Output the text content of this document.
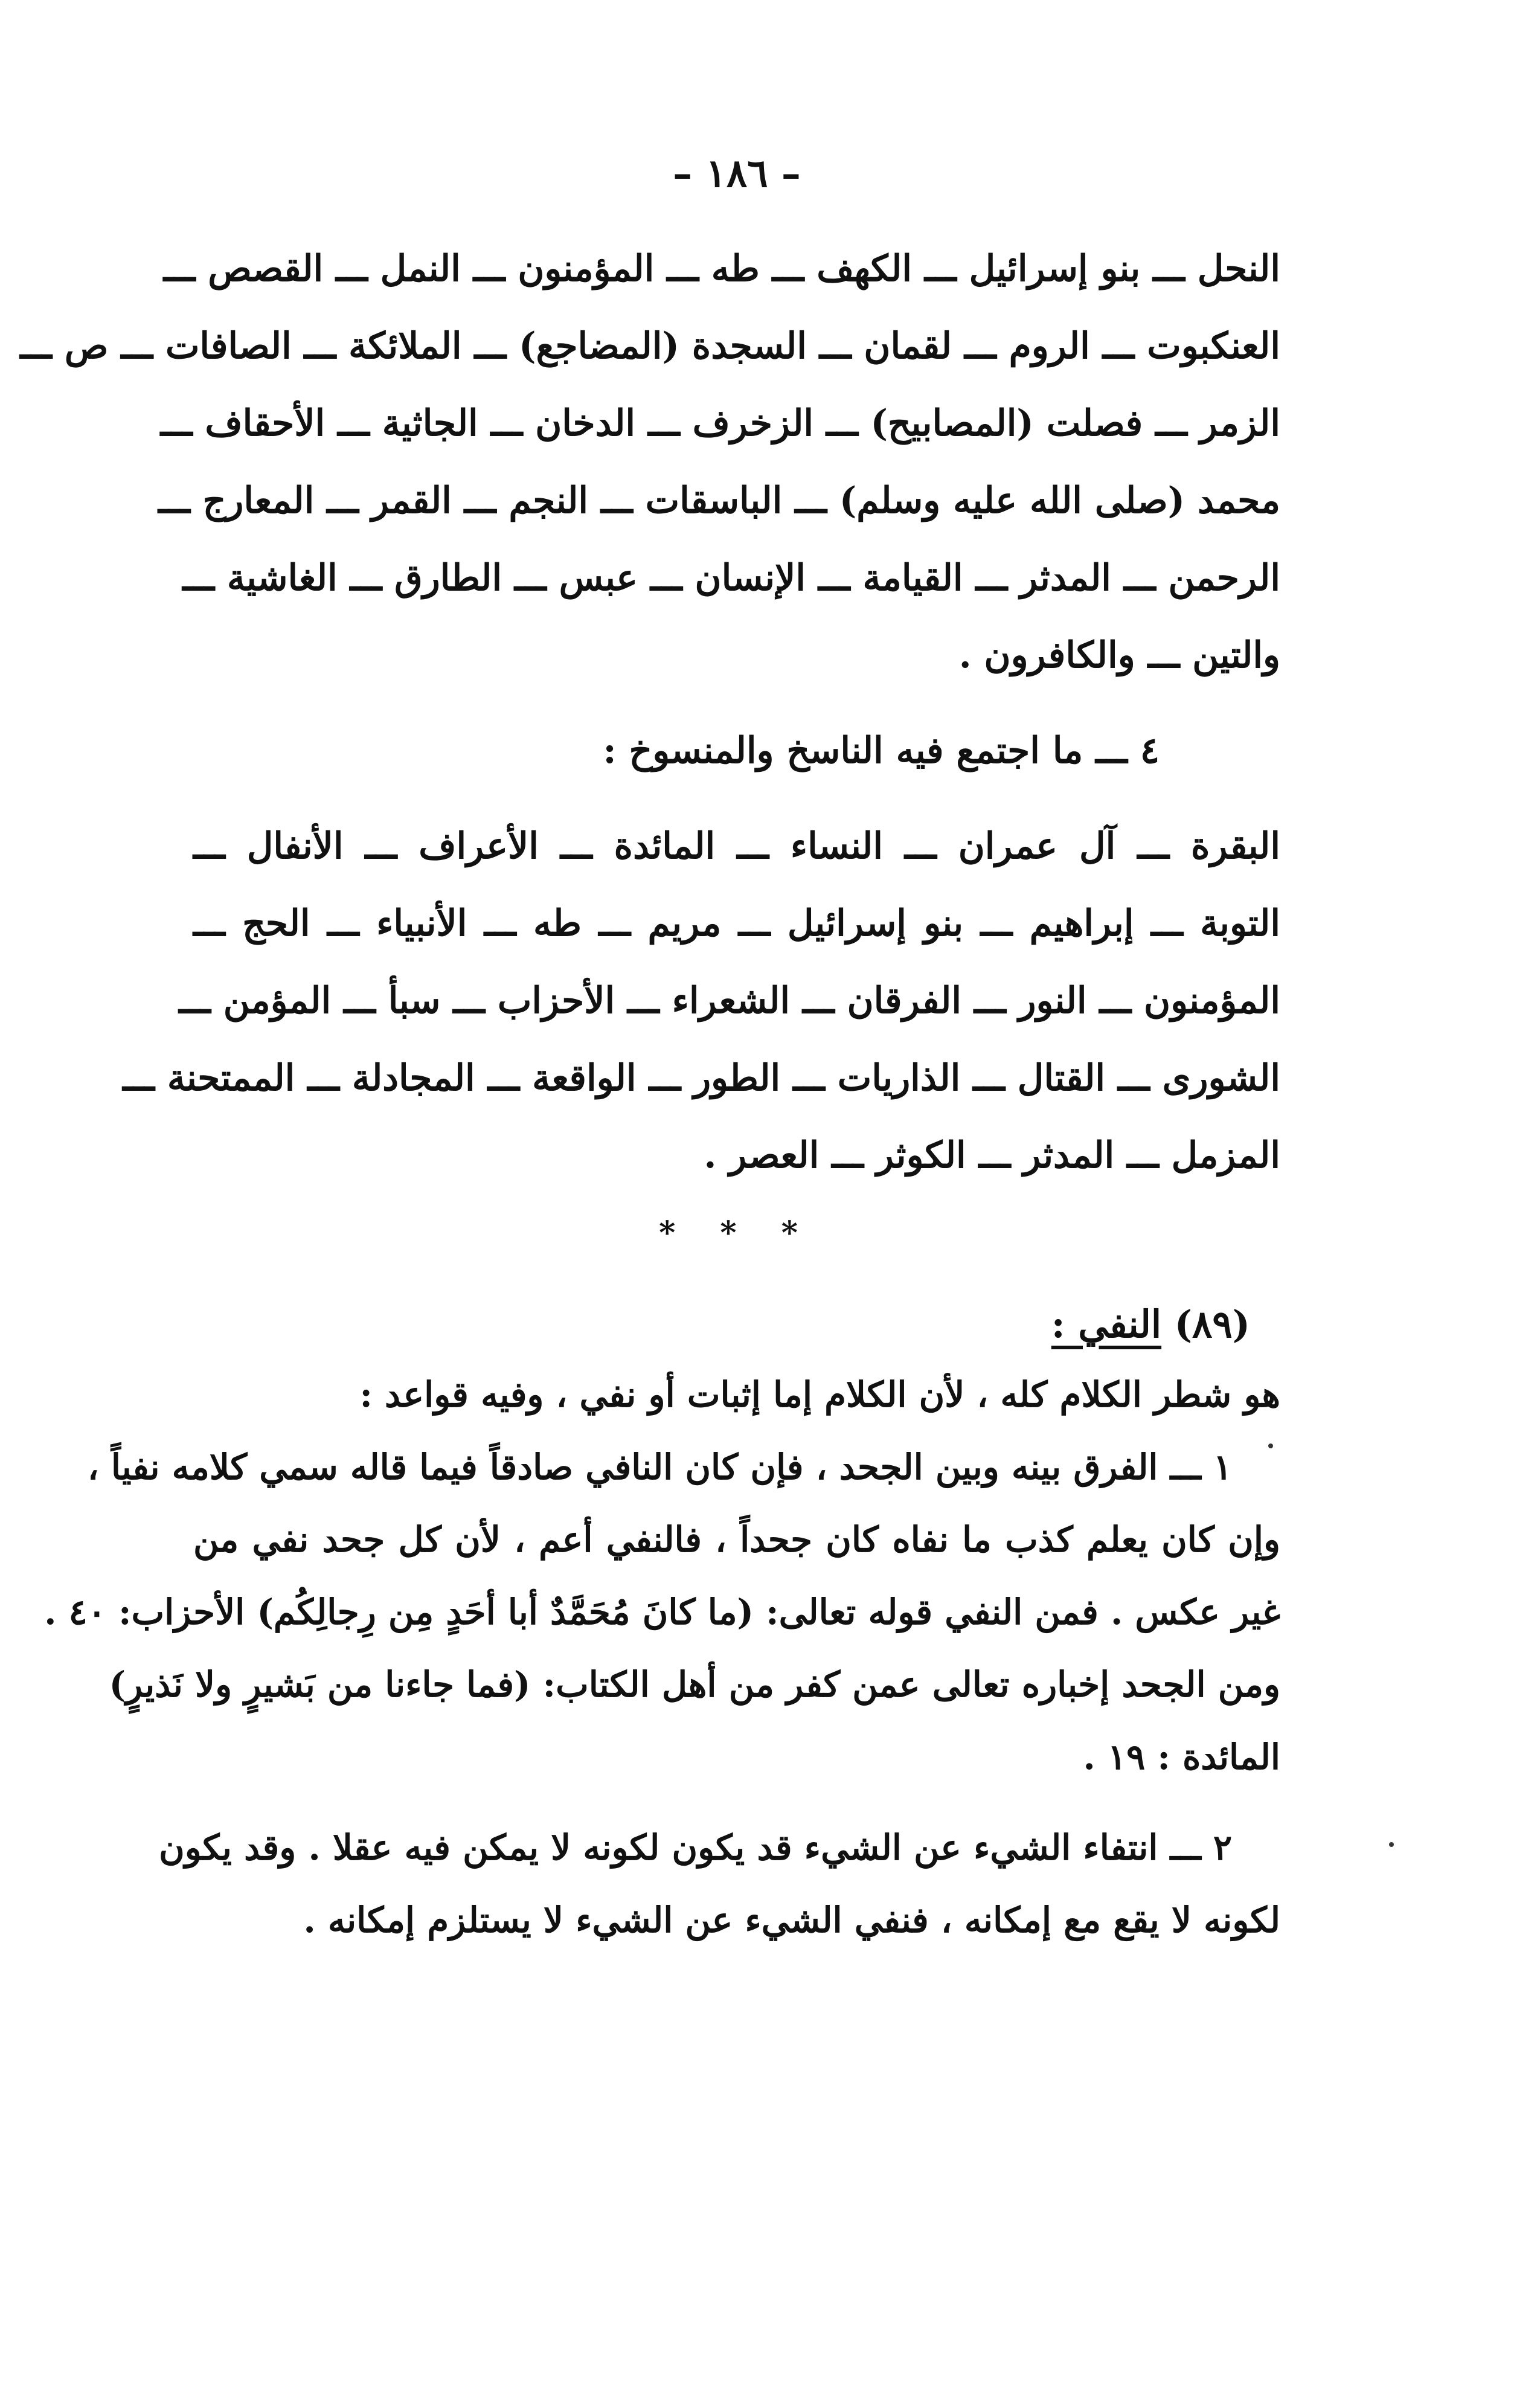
– ١٨٦ –
النحل ـــ بنو إسرائيل ـــ الكهف ـــ طه ـــ المؤمنون ـــ النمل ـــ القصص ـــ
العنكبوت ـــ الروم ـــ لقمان ـــ السجدة (المضاجع) ـــ الملائكة ـــ الصافات ـــ ص ـــ
الزمر ـــ فصلت (المصابيح) ـــ الزخرف ـــ الدخان ـــ الجاثية ـــ الأحقاف ـــ
محمد (صلى الله عليه وسلم) ـــ الباسقات ـــ النجم ـــ القمر ـــ المعارج ـــ
الرحمن ـــ المدثر ـــ القيامة ـــ الإنسان ـــ عبس ـــ الطارق ـــ الغاشية ـــ
والتين ـــ والكافرون .
٤ ـــ ما اجتمع فيه الناسخ والمنسوخ :
البقرة ـــ آل عمران ـــ النساء ـــ المائدة ـــ الأعراف ـــ الأنفال ـــ
التوبة ـــ إبراهيم ـــ بنو إسرائيل ـــ مريم ـــ طه ـــ الأنبياء ـــ الحج ـــ
المؤمنون ـــ النور ـــ الفرقان ـــ الشعراء ـــ الأحزاب ـــ سبأ ـــ المؤمن ـــ
الشورى ـــ القتال ـــ الذاريات ـــ الطور ـــ الواقعة ـــ المجادلة ـــ الممتحنة ـــ
المزمل ـــ المدثر ـــ الكوثر ـــ العصر .
* * *
(٨٩) النفي :
هو شطر الكلام كله ، لأن الكلام إما إثبات أو نفي ، وفيه قواعد :
١ ـــ الفرق بينه وبين الجحد ، فإن كان النافي صادقاً فيما قاله سمي كلامه نفياً ،
وإن كان يعلم كذب ما نفاه كان جحداً ، فالنفي أعم ، لأن كل جحد نفي من
غير عكس . فمن النفي قوله تعالى: (ما كانَ مُحَمَّدٌ أبا أحَدٍ مِن رِجالِكُم) الأحزاب: ٤٠ .
ومن الجحد إخباره تعالى عمن كفر من أهل الكتاب: (فما جاءنا من بَشيرٍ ولا نَذيرٍ)
المائدة : ١٩ .
٢ ـــ انتفاء الشيء عن الشيء قد يكون لكونه لا يمكن فيه عقلا . وقد يكون
لكونه لا يقع مع إمكانه ، فنفي الشيء عن الشيء لا يستلزم إمكانه .
